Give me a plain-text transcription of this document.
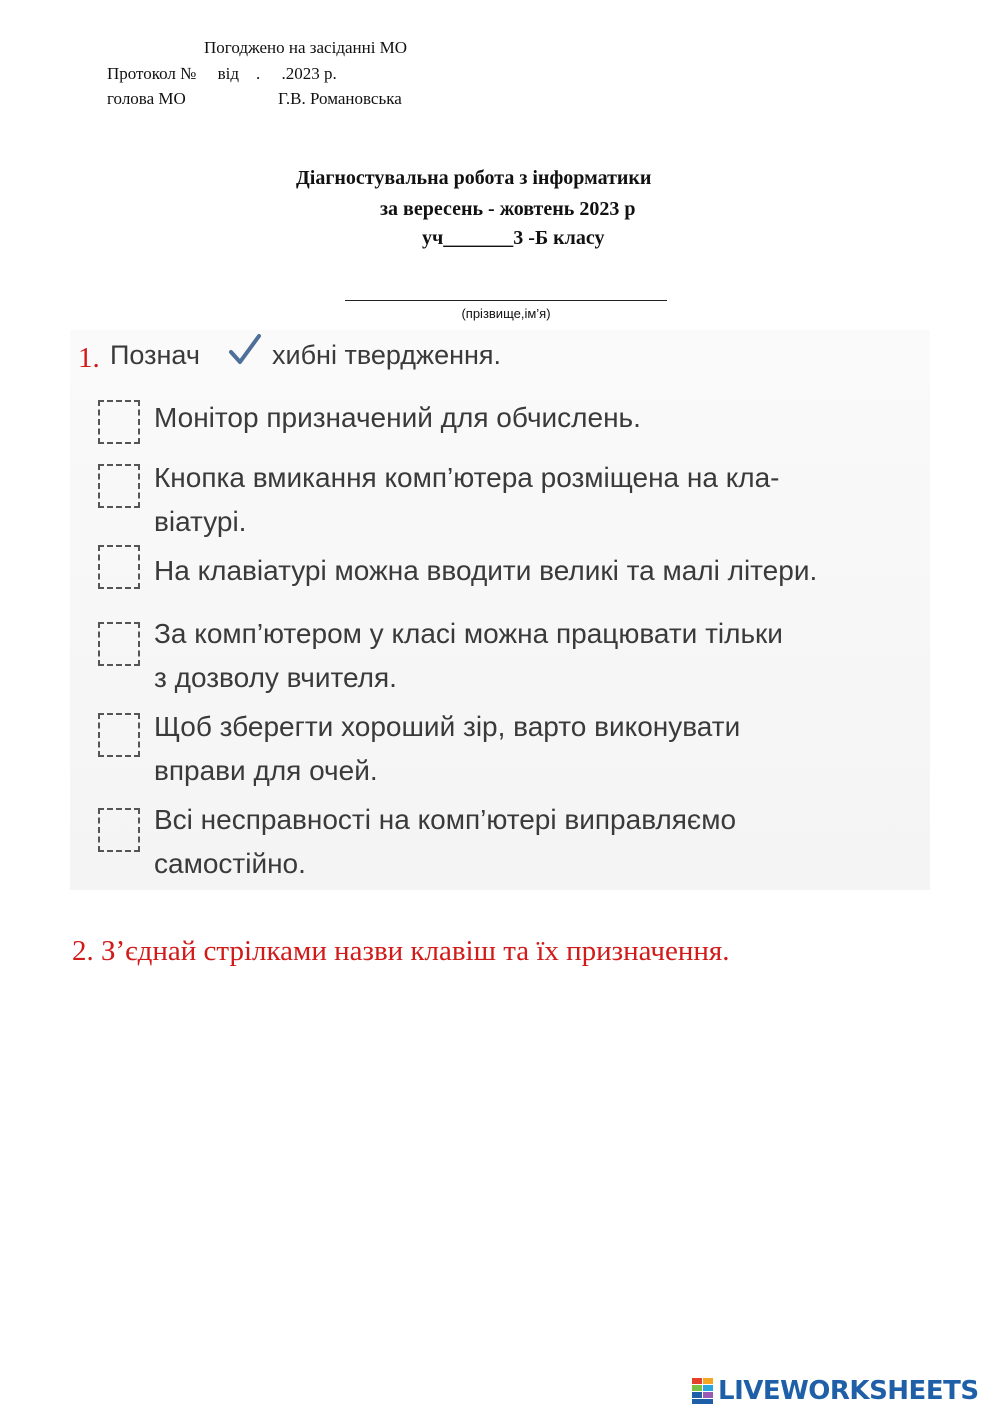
Погоджено на засіданні МО
Протокол №     від    .     .2023 р.
голова МО	Г.В. Романовська
Діагностувальна робота з інформатики
за вересень - жовтень 2023 р
уч_______3 -Б класу
(прізвище,ім’я)
1. Познач	хибні твердження.
Монітор призначений для обчислень.
Кнопка вмикання комп’ютера розміщена на кла-
віатурі.
На клавіатурі можна вводити великі та малі літери.
За комп’ютером у класі можна працювати тільки
з дозволу вчителя.
Щоб зберегти хороший зір, варто виконувати
вправи для очей.
Всі несправності на комп’ютері виправляємо
самостійно.
2. З’єднай стрілками назви клавіш та їх призначення.
LIVEWORKSHEETS
